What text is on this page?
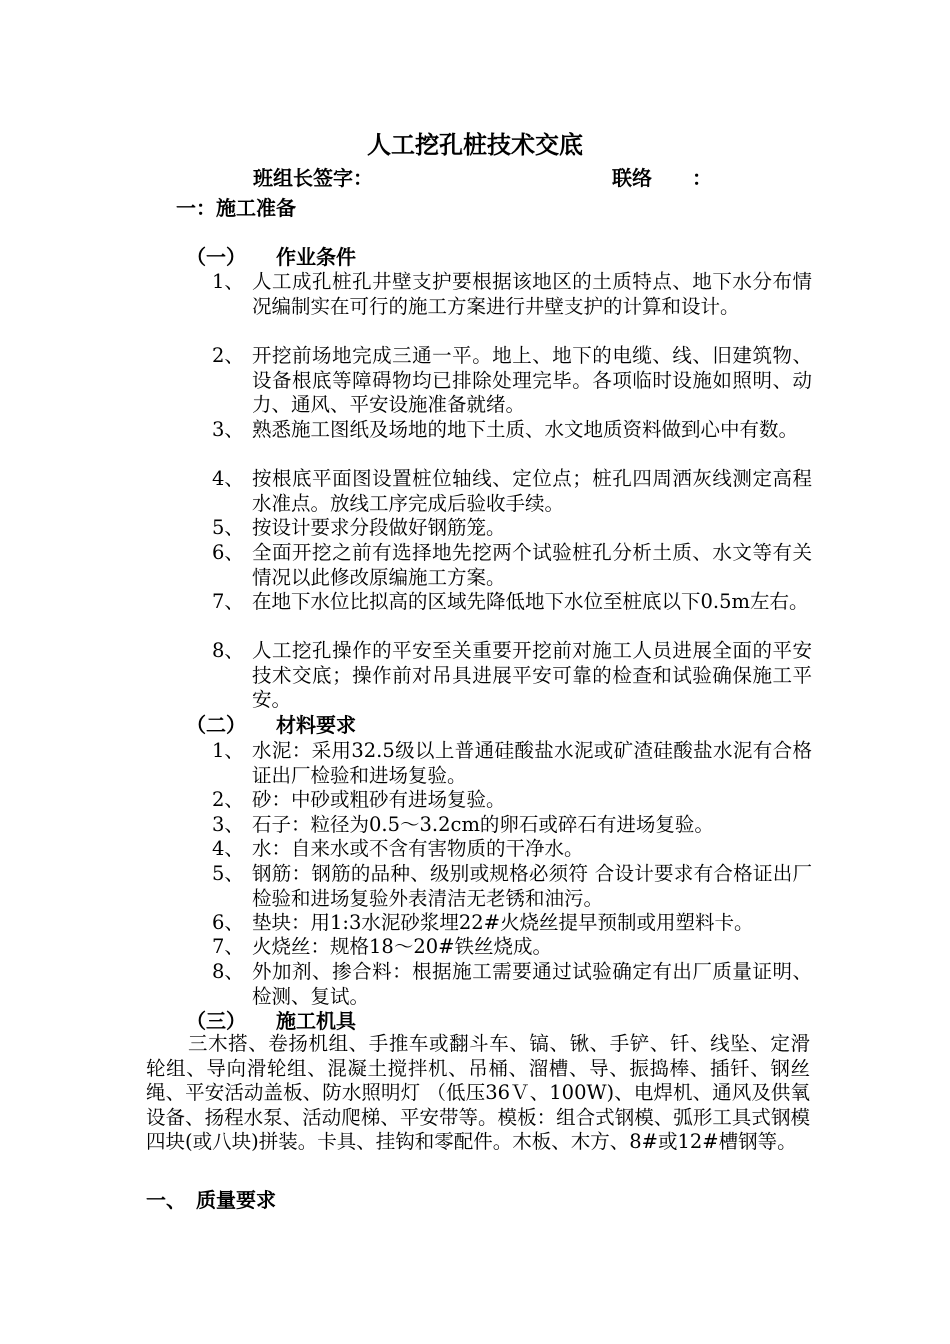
人工挖孔桩技术交底
班组长签字：	联络　　：
一：施工准备
（一） 作业条件
1、 人工成孔桩孔井壁支护要根据该地区的土质特点、地下水分布情况编制实在可行的施工方案进行井壁支护的计算和设计。
2、 开挖前场地完成三通一平。地上、地下的电缆、线、旧建筑物、设备根底等障碍物均已排除处理完毕。各项临时设施如照明、动力、通风、平安设施准备就绪。
3、 熟悉施工图纸及场地的地下土质、水文地质资料做到心中有数。
4、 按根底平面图设置桩位轴线、定位点；桩孔四周洒灰线测定高程水准点。放线工序完成后验收手续。
5、 按设计要求分段做好钢筋笼。
6、 全面开挖之前有选择地先挖两个试验桩孔分析土质、水文等有关情况以此修改原编施工方案。
7、 在地下水位比拟高的区域先降低地下水位至桩底以下0.5m左右。
8、 人工挖孔操作的平安至关重要开挖前对施工人员进展全面的平安技术交底；操作前对吊具进展平安可靠的检查和试验确保施工平安。
（二） 材料要求
1、 水泥：采用32.5级以上普通硅酸盐水泥或矿渣硅酸盐水泥有合格证出厂检验和进场复验。
2、 砂：中砂或粗砂有进场复验。
3、 石子：粒径为0.5～3.2cm的卵石或碎石有进场复验。
4、 水：自来水或不含有害物质的干净水。
5、 钢筋：钢筋的品种、级别或规格必须符 合设计要求有合格证出厂检验和进场复验外表清洁无老锈和油污。
6、 垫块：用1:3水泥砂浆埋22#火烧丝提早预制或用塑料卡。
7、 火烧丝：规格18～20#铁丝烧成。
8、 外加剂、掺合料：根据施工需要通过试验确定有出厂质量证明、检测、复试。
（三） 施工机具
三木搭、卷扬机组、手推车或翻斗车、镐、锹、手铲、钎、线坠、定滑轮组、导向滑轮组、混凝土搅拌机、吊桶、溜槽、导、振捣棒、插钎、钢丝绳、平安活动盖板、防水照明灯 （低压36Ｖ、100W)、电焊机、通风及供氧设备、扬程水泵、活动爬梯、平安带等。模板：组合式钢模、弧形工具式钢模四块(或八块)拼装。卡具、挂钩和零配件。木板、木方、8#或12#槽钢等。
一、　质量要求
